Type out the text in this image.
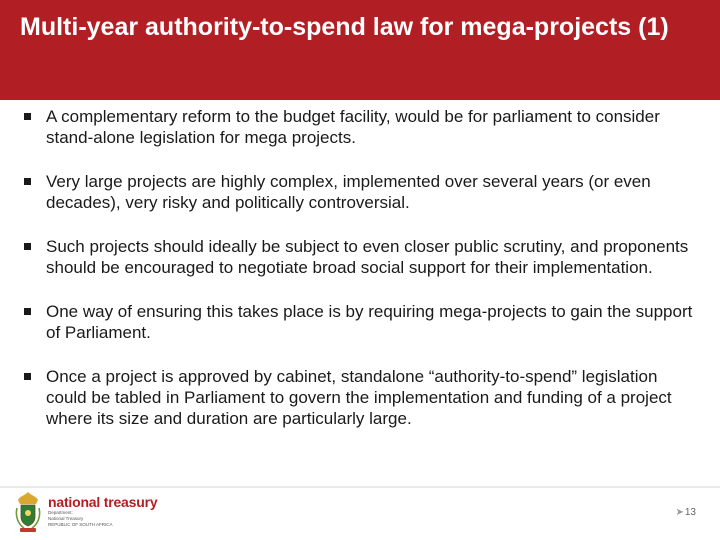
Multi-year authority-to-spend law for mega-projects (1)
A complementary reform to the budget facility, would be for parliament to consider stand-alone legislation for mega projects.
Very large projects are highly complex, implemented over several years (or even decades), very risky and politically controversial.
Such projects should ideally be subject to even closer public scrutiny, and proponents should be encouraged to negotiate broad social support for their implementation.
One way of ensuring this takes place is by requiring mega-projects to gain the support of Parliament.
Once a project is approved by cabinet, standalone “authority-to-spend” legislation could be tabled in Parliament to govern the implementation and funding of a project where its size and duration are particularly large.
national treasury
Department:
National Treasury
REPUBLIC OF SOUTH AFRICA
➤13
